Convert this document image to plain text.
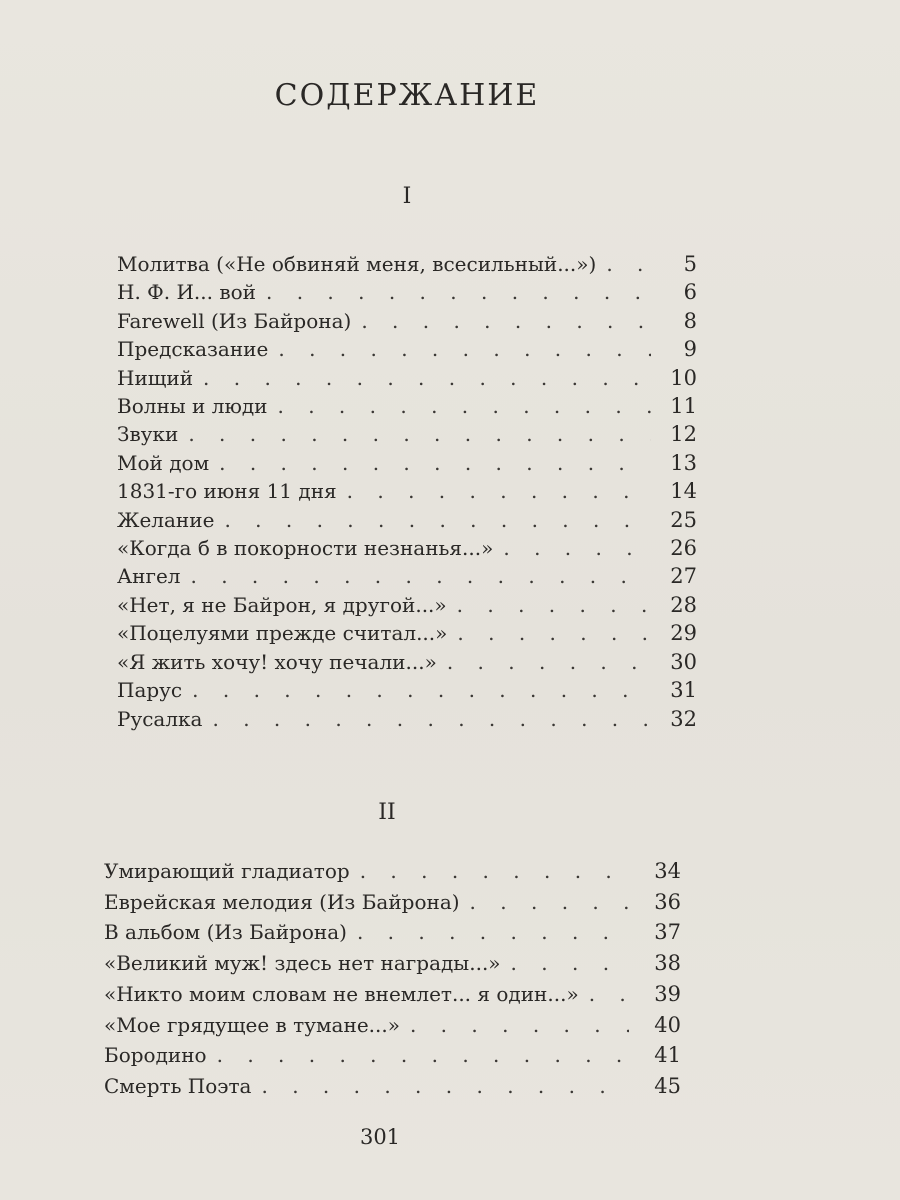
СОДЕРЖАНИЕ
I
Молитва («Не обвиняй меня, всесильный...») . . .	5
Н. Ф. И... вой . . .	6
Farewell (Из Байрона) . . .	8
Предсказание . . .	9
Нищий . . .	10
Волны и люди . . .	11
Звуки . . .	12
Мой дом . . .	13
1831-го июня 11 дня . . .	14
Желание . . .	25
«Когда б в покорности незнанья...» . . .	26
Ангел . . .	27
«Нет, я не Байрон, я другой...» . . .	28
«Поцелуями прежде считал...» . . .	29
«Я жить хочу! хочу печали...» . . .	30
Парус . . .	31
Русалка . . .	32
II
Умирающий гладиатор . . .	34
Еврейская мелодия (Из Байрона) . . .	36
В альбом (Из Байрона) . . .	37
«Великий муж! здесь нет награды...» . . .	38
«Никто моим словам не внемлет... я один...» . . .	39
«Мое грядущее в тумане...» . . .	40
Бородино . . .	41
Смерть Поэта . . .	45
301
